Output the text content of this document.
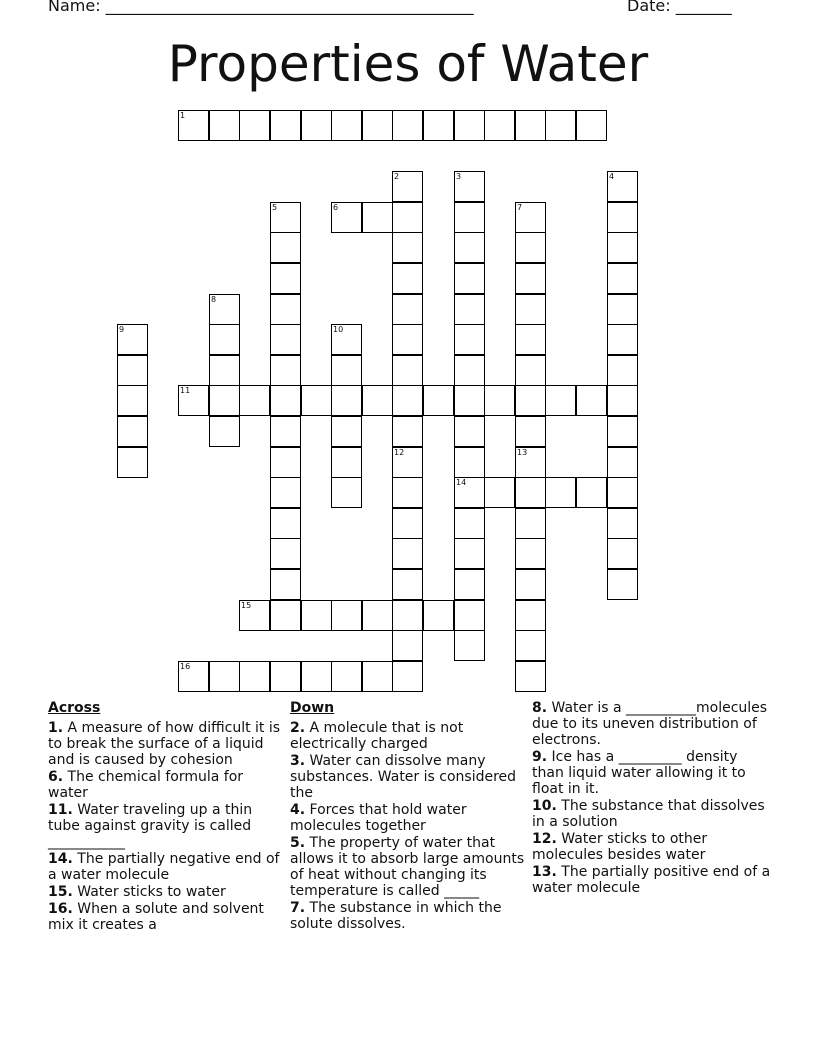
Name: ______________________________________________	Date: _______
Properties of Water
1
6
11
14
15
16
2
12
3	4
5	7
8
9	10
13
Across
1. A measure of how difficult it is to break the surface of a liquid and is caused by cohesion
6. The chemical formula for water
11. Water traveling up a thin tube against gravity is called ___________
14. The partially negative end of a water molecule
15. Water sticks to water
16. When a solute and solvent mix it creates a
Down
2. A molecule that is not electrically charged
3. Water can dissolve many substances. Water is considered the
4. Forces that hold water molecules together
5. The property of water that allows it to absorb large amounts of heat without changing its temperature is called _____
7. The substance in which the solute dissolves.
8. Water is a __________molecules due to its uneven distribution of electrons.
9. Ice has a _________ density than liquid water allowing it to float in it.
10. The substance that dissolves in a solution
12. Water sticks to other molecules besides water
13. The partially positive end of a water molecule
